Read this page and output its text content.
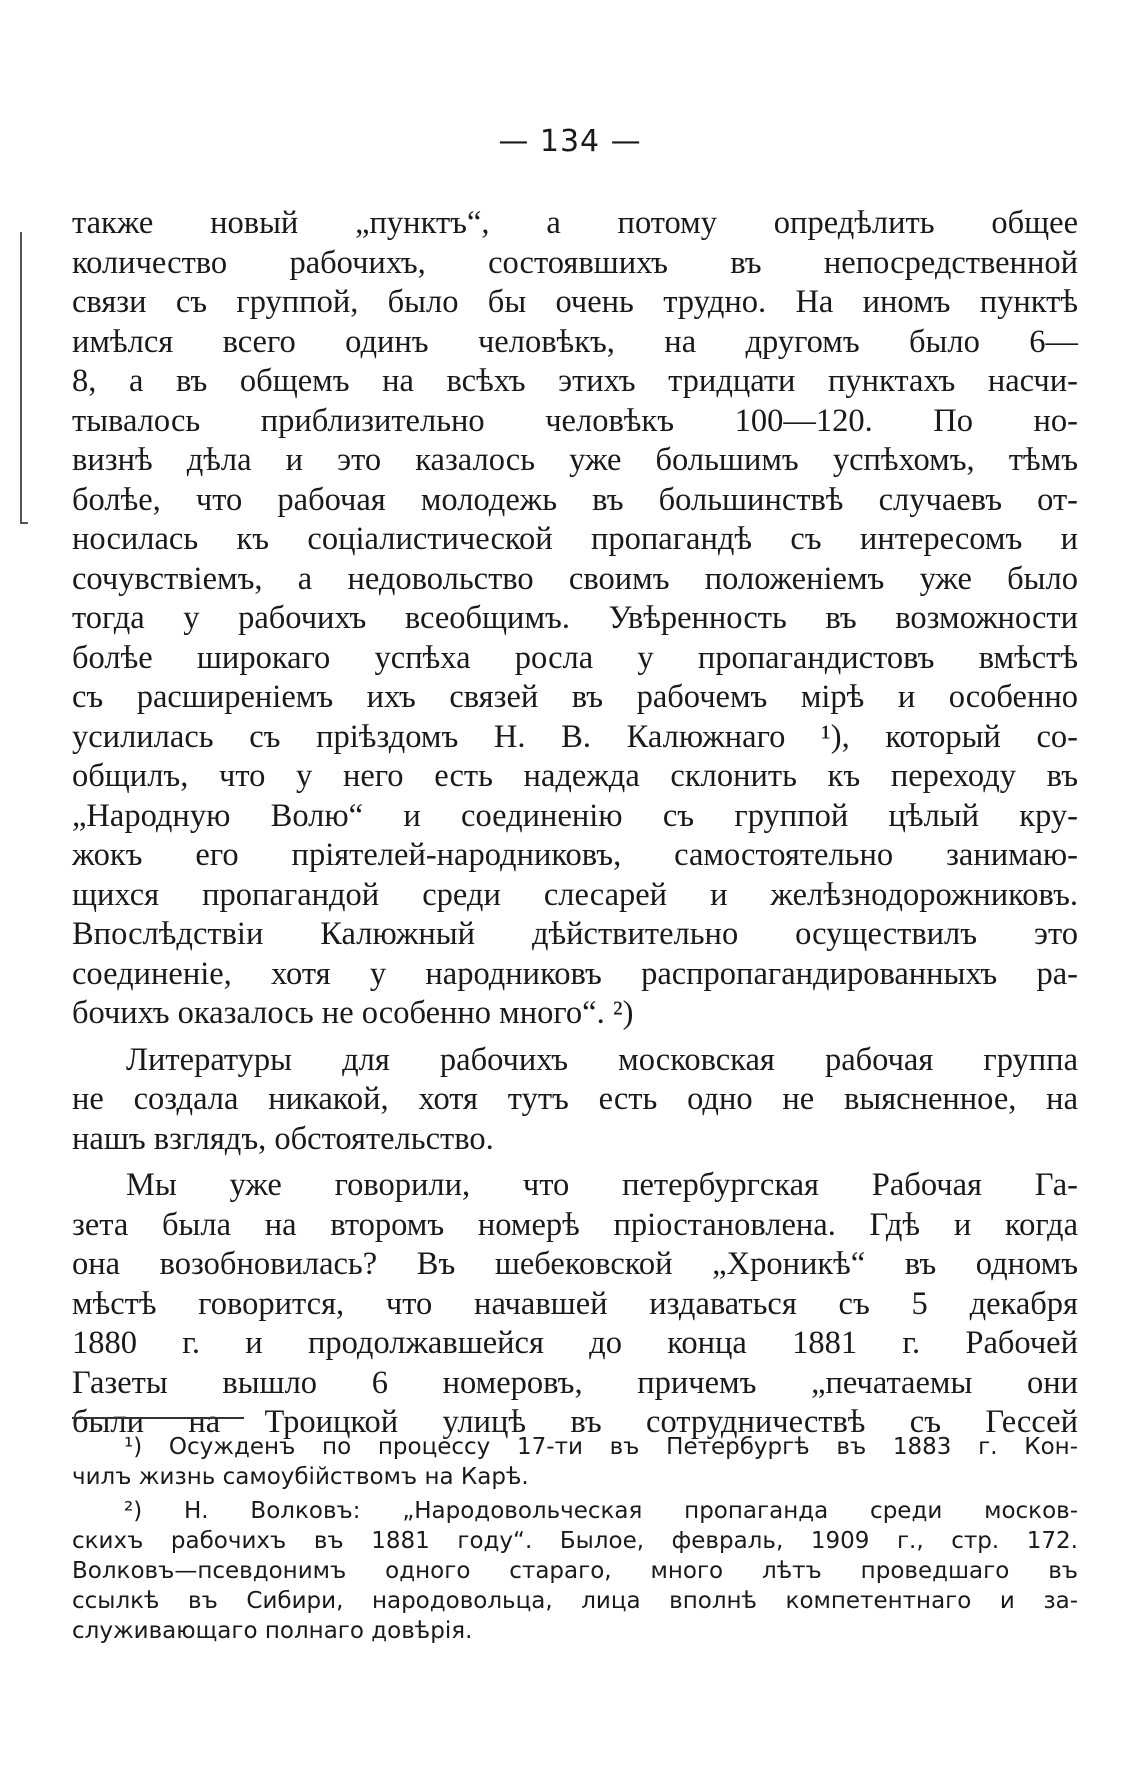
— 134 —

также новый „пунктъ“, а потому опредѣлить общее
количество рабочихъ, состоявшихъ въ непосредственной
связи съ группой, было бы очень трудно. На иномъ пунктѣ
имѣлся всего одинъ человѣкъ, на другомъ было 6—
8, а въ общемъ на всѣхъ этихъ тридцати пунктахъ насчи-
тывалось приблизительно человѣкъ 100—120. По но-
визнѣ дѣла и это казалось уже большимъ успѣхомъ, тѣмъ
болѣе, что рабочая молодежь въ большинствѣ случаевъ от-
носилась къ соціалистической пропагандѣ съ интересомъ и
сочувствіемъ, а недовольство своимъ положеніемъ уже было
тогда у рабочихъ всеобщимъ. Увѣренность въ возможности
болѣе широкаго успѣха росла у пропагандистовъ вмѣстѣ
съ расширеніемъ ихъ связей въ рабочемъ мірѣ и особенно
усилилась съ пріѣздомъ Н. В. Калюжнаго ¹), который со-
общилъ, что у него есть надежда склонить къ переходу въ
„Народную Волю“ и соединенію съ группой цѣлый кру-
жокъ его пріятелей-народниковъ, самостоятельно занимаю-
щихся пропагандой среди слесарей и желѣзнодорожниковъ.
Впослѣдствіи Калюжный дѣйствительно осуществилъ это
соединеніе, хотя у народниковъ распропагандированныхъ ра-
бочихъ оказалось не особенно много“. ²)

Литературы для рабочихъ московская рабочая группа
не создала никакой, хотя тутъ есть одно не выясненное, на
нашъ взглядъ, обстоятельство.

Мы уже говорили, что петербургская Рабочая Га-
зета была на второмъ номерѣ пріостановлена. Гдѣ и когда
она возобновилась? Въ шебековской „Хроникѣ“ въ одномъ
мѣстѣ говорится, что начавшей издаваться съ 5 декабря
1880 г. и продолжавшейся до конца 1881 г. Рабочей
Газеты вышло 6 номеровъ, причемъ „печатаемы они
были на Троицкой улицѣ въ сотрудничествѣ съ Гессей

¹) Осужденъ по процессу 17-ти въ Петербургѣ въ 1883 г. Кон-
чилъ жизнь самоубійствомъ на Карѣ.
²) Н. Волковъ: „Народовольческая пропаганда среди москов-
скихъ рабочихъ въ 1881 году“. Былое, февраль, 1909 г., стр. 172.
Волковъ—псевдонимъ одного стараго, много лѣтъ проведшаго въ
ссылкѣ въ Сибири, народовольца, лица вполнѣ компетентнаго и за-
служивающаго полнаго довѣрія.
